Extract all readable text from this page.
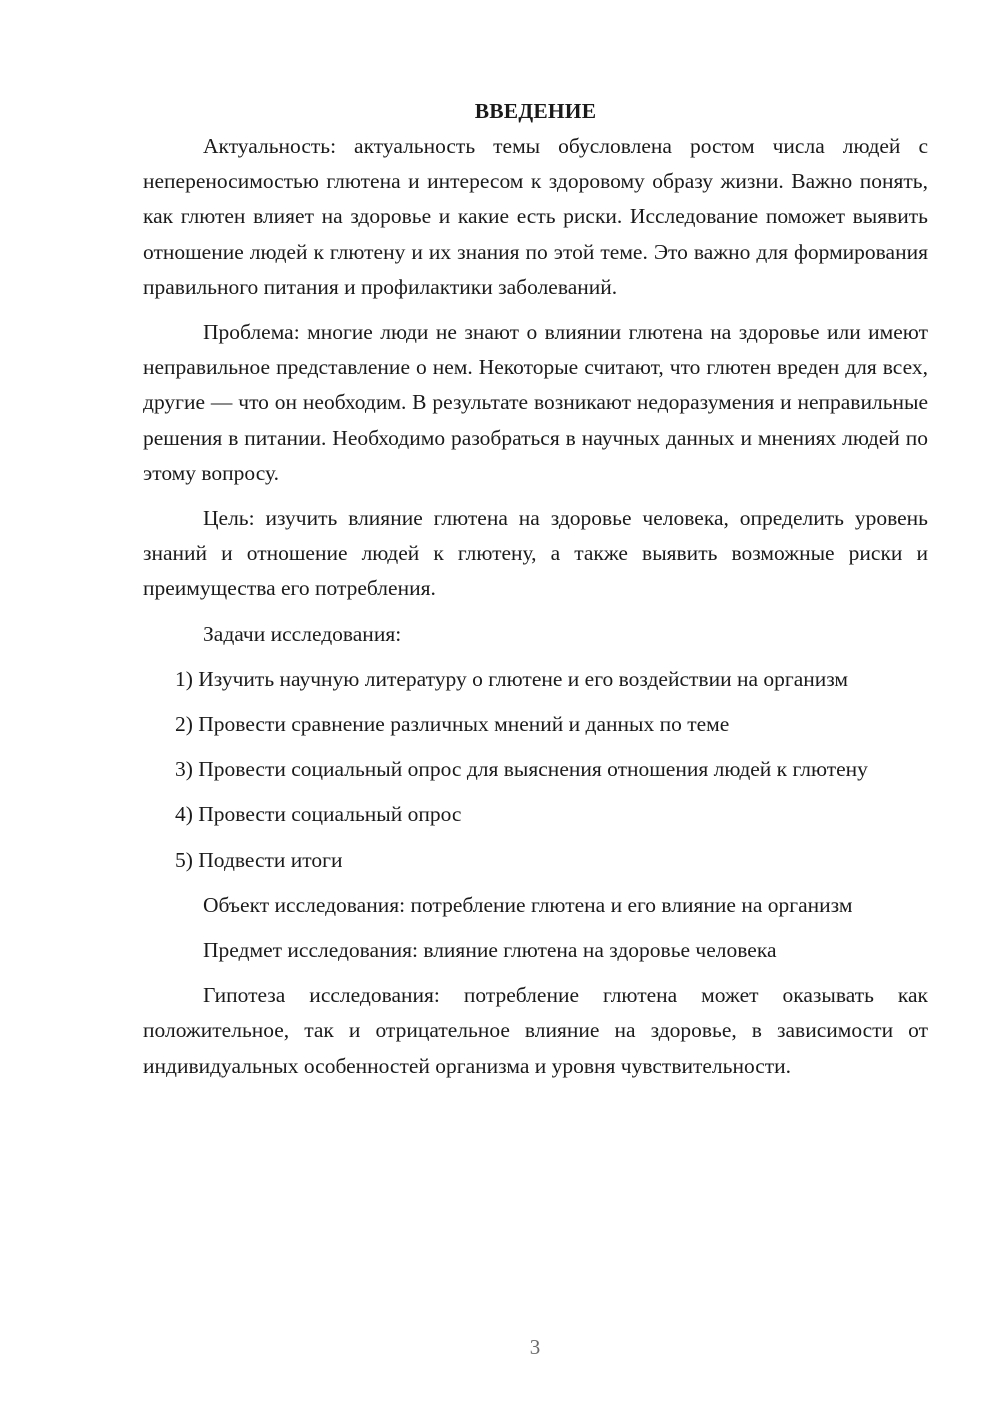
ВВЕДЕНИЕ

Актуальность: актуальность темы обусловлена ростом числа людей с непереносимостью глютена и интересом к здоровому образу жизни. Важно понять, как глютен влияет на здоровье и какие есть риски. Исследование поможет выявить отношение людей к глютену и их знания по этой теме. Это важно для формирования правильного питания и профилактики заболеваний.

Проблема: многие люди не знают о влиянии глютена на здоровье или имеют неправильное представление о нем. Некоторые считают, что глютен вреден для всех, другие — что он необходим. В результате возникают недоразумения и неправильные решения в питании. Необходимо разобраться в научных данных и мнениях людей по этому вопросу.

Цель: изучить влияние глютена на здоровье человека, определить уровень знаний и отношение людей к глютену, а также выявить возможные риски и преимущества его потребления.

Задачи исследования:

1) Изучить научную литературу о глютене и его воздействии на организм

2) Провести сравнение различных мнений и данных по теме

3) Провести социальный опрос для выяснения отношения людей к глютену

4) Провести социальный опрос

5) Подвести итоги

Объект исследования: потребление глютена и его влияние на организм

Предмет исследования: влияние глютена на здоровье человека

Гипотеза исследования: потребление глютена может оказывать как положительное, так и отрицательное влияние на здоровье, в зависимости от индивидуальных особенностей организма и уровня чувствительности.

3
